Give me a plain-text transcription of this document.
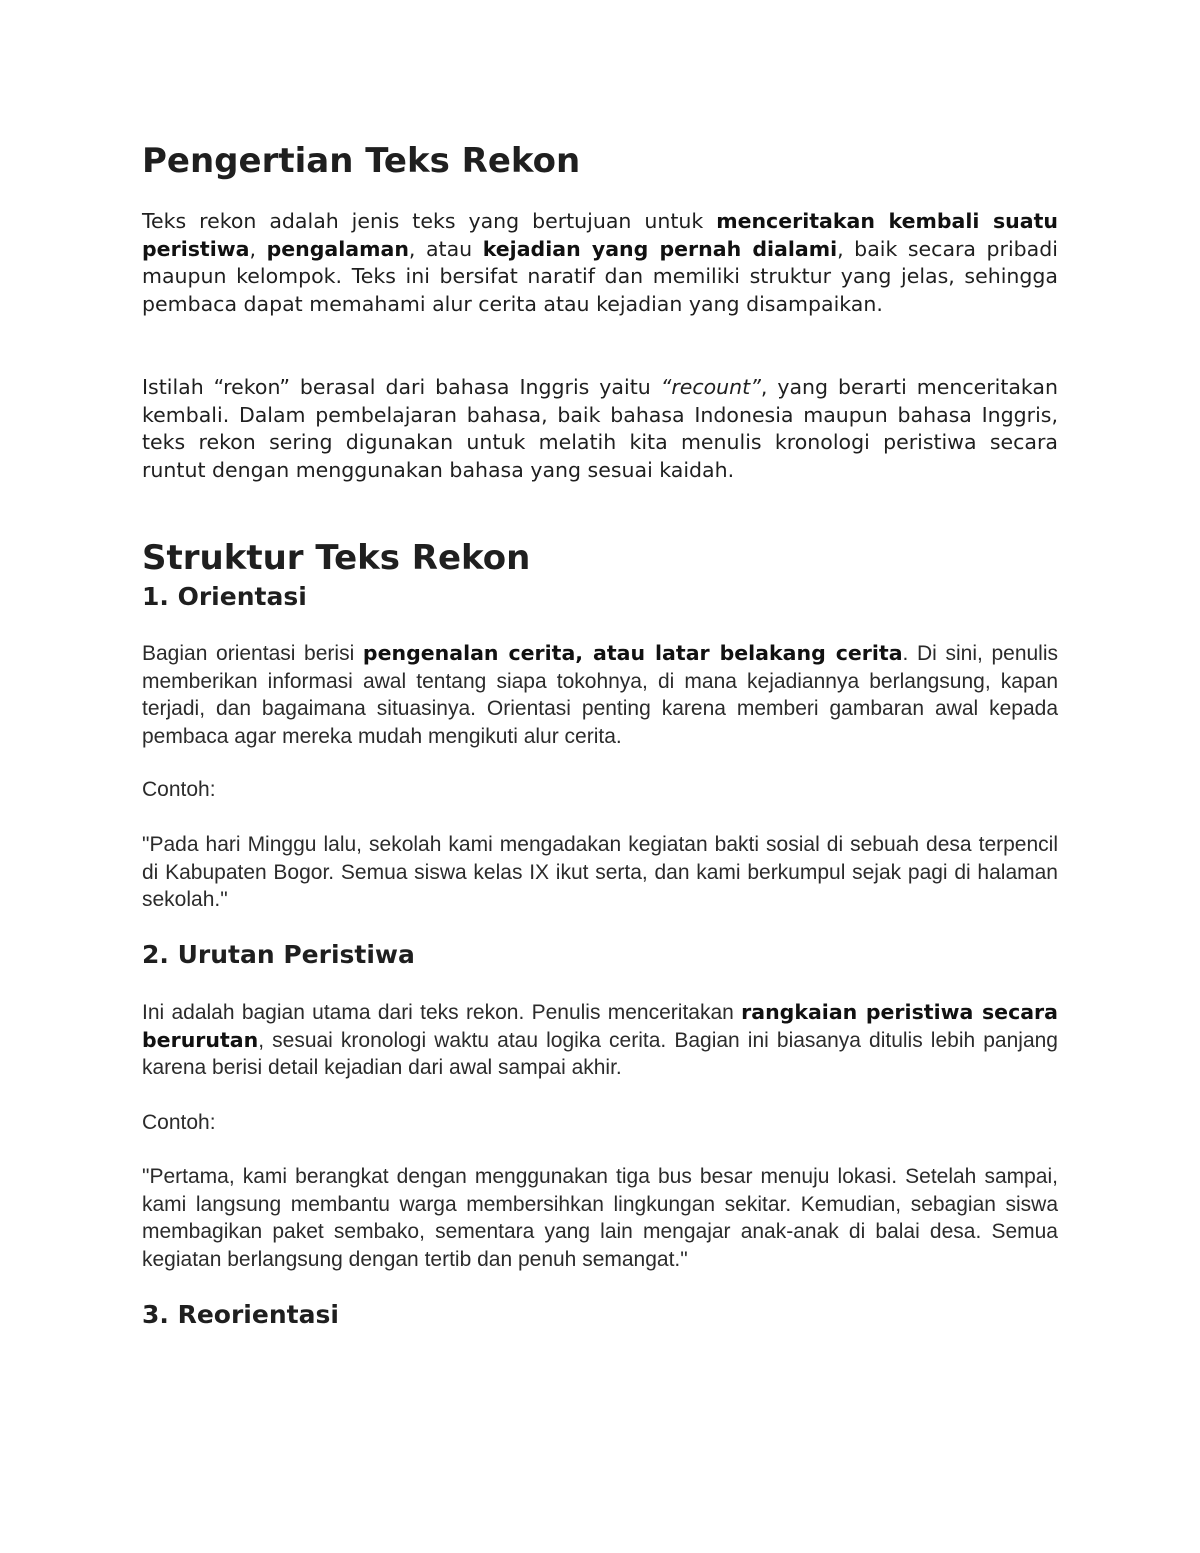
Pengertian Teks Rekon

Teks rekon adalah jenis teks yang bertujuan untuk menceritakan kembali suatu peristiwa, pengalaman, atau kejadian yang pernah dialami, baik secara pribadi maupun kelompok. Teks ini bersifat naratif dan memiliki struktur yang jelas, sehingga pembaca dapat memahami alur cerita atau kejadian yang disampaikan.

Istilah “rekon” berasal dari bahasa Inggris yaitu “recount”, yang berarti menceritakan kembali. Dalam pembelajaran bahasa, baik bahasa Indonesia maupun bahasa Inggris, teks rekon sering digunakan untuk melatih kita menulis kronologi peristiwa secara runtut dengan menggunakan bahasa yang sesuai kaidah.

Struktur Teks Rekon
1. Orientasi

Bagian orientasi berisi pengenalan cerita, atau latar belakang cerita. Di sini, penulis memberikan informasi awal tentang siapa tokohnya, di mana kejadiannya berlangsung, kapan terjadi, dan bagaimana situasinya. Orientasi penting karena memberi gambaran awal kepada pembaca agar mereka mudah mengikuti alur cerita.

Contoh:

"Pada hari Minggu lalu, sekolah kami mengadakan kegiatan bakti sosial di sebuah desa terpencil di Kabupaten Bogor. Semua siswa kelas IX ikut serta, dan kami berkumpul sejak pagi di halaman sekolah."

2. Urutan Peristiwa

Ini adalah bagian utama dari teks rekon. Penulis menceritakan rangkaian peristiwa secara berurutan, sesuai kronologi waktu atau logika cerita. Bagian ini biasanya ditulis lebih panjang karena berisi detail kejadian dari awal sampai akhir.

Contoh:

"Pertama, kami berangkat dengan menggunakan tiga bus besar menuju lokasi. Setelah sampai, kami langsung membantu warga membersihkan lingkungan sekitar. Kemudian, sebagian siswa membagikan paket sembako, sementara yang lain mengajar anak-anak di balai desa. Semua kegiatan berlangsung dengan tertib dan penuh semangat."

3. Reorientasi
